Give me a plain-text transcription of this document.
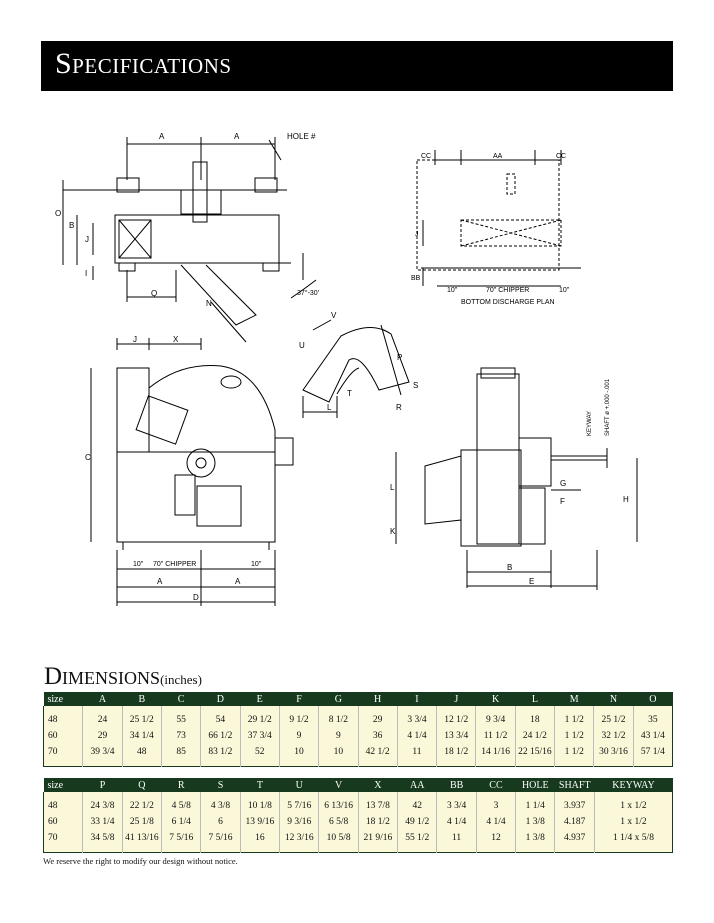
Specifications
A	A	HOLE #
O
B
J
I
Q
N
37°-30'
CC	AA	CC
J
BB
10"	70" CHIPPER	10"
BOTTOM DISCHARGE PLAN
V
U
P
S
R
T
L
J	X
C
10" 70" CHIPPER	10"
A	A
D
KEYWAY SHAFT ø +.000 -.001
G
H
F
L
K
B
E
Dimensions(inches)
size	A	B	C	D	E	F	G	H	I	J	K	L	M	N	O
48	24	25 1/2	55	54	29 1/2	9 1/2	8 1/2	29	3 3/4	12 1/2	9 3/4	18	1 1/2	25 1/2	35
60	29	34 1/4	73	66 1/2	37 3/4	9	9	36	4 1/4	13 3/4	11 1/2	24 1/2	1 1/2	32 1/2	43 1/4
70	39 3/4	48	85	83 1/2	52	10	10	42 1/2	11	18 1/2	14 1/16	22 15/16	1 1/2	30 3/16	57 1/4
size	P	Q	R	S	T	U	V	X	AA	BB	CC	HOLE	SHAFT	KEYWAY
48	24 3/8	22 1/2	4 5/8	4 3/8	10 1/8	5 7/16	6 13/16	13 7/8	42	3 3/4	3	1 1/4	3.937	1 x 1/2
60	33 1/4	25 1/8	6 1/4	6	13 9/16	9 3/16	6 5/8	18 1/2	49 1/2	4 1/4	4 1/4	1 3/8	4.187	1 x 1/2
70	34 5/8	41 13/16	7 5/16	7 5/16	16	12 3/16	10 5/8	21 9/16	55 1/2	11	12	1 3/8	4.937	1 1/4 x 5/8
We reserve the right to modify our design without notice.
